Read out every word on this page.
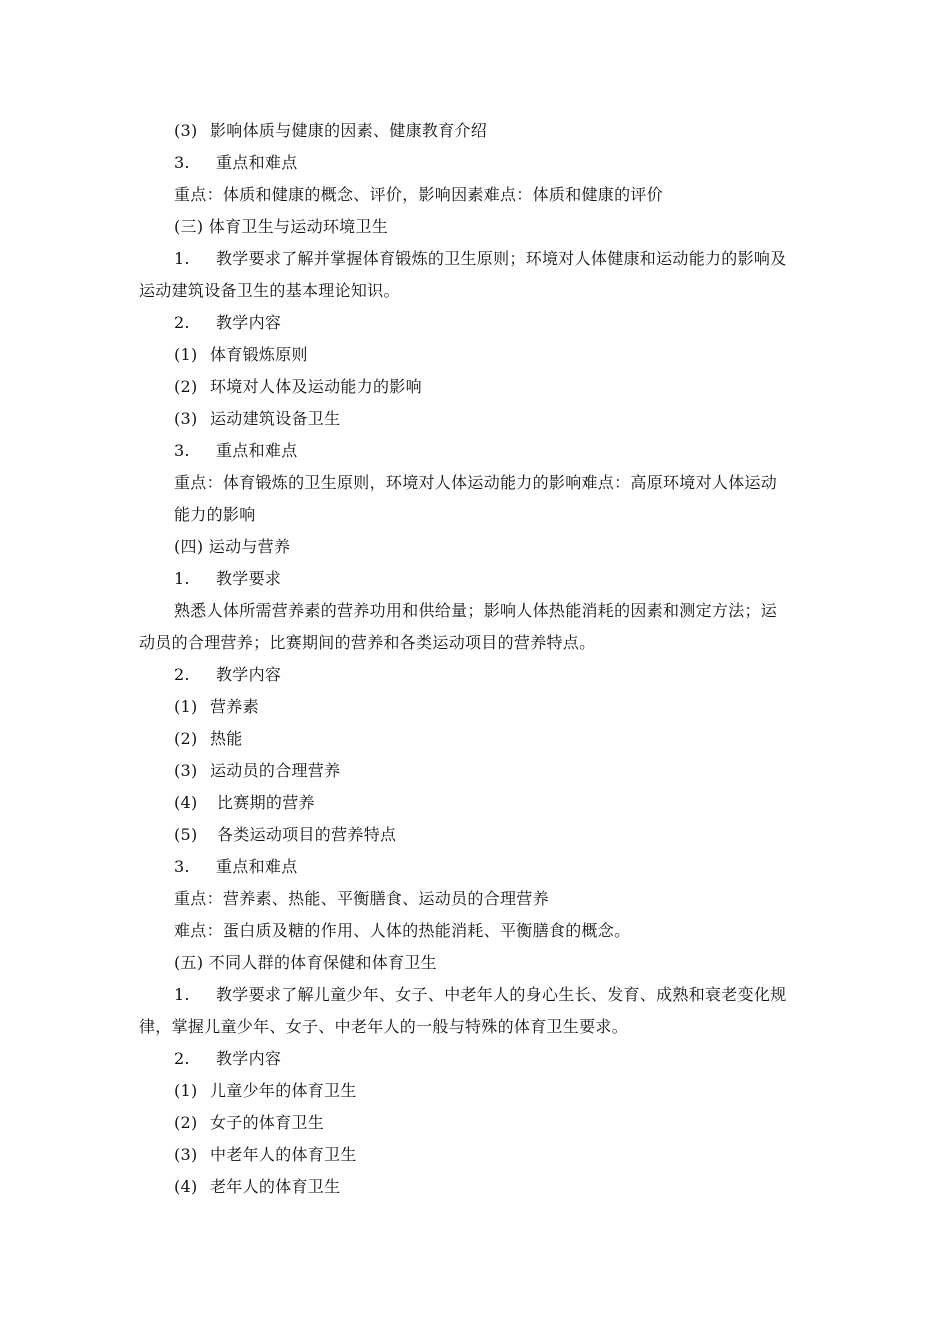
(3) 影响体质与健康的因素、健康教育介绍
3. 重点和难点
重点：体质和健康的概念、评价，影响因素难点：体质和健康的评价
(三) 体育卫生与运动环境卫生
1. 教学要求了解并掌握体育锻炼的卫生原则；环境对人体健康和运动能力的影响及
运动建筑设备卫生的基本理论知识。
2. 教学内容
(1) 体育锻炼原则
(2) 环境对人体及运动能力的影响
(3) 运动建筑设备卫生
3. 重点和难点
重点：体育锻炼的卫生原则，环境对人体运动能力的影响难点：高原环境对人体运动
能力的影响
(四) 运动与营养
1. 教学要求
熟悉人体所需营养素的营养功用和供给量；影响人体热能消耗的因素和测定方法；运
动员的合理营养；比赛期间的营养和各类运动项目的营养特点。
2. 教学内容
(1) 营养素
(2) 热能
(3) 运动员的合理营养
(4) 比赛期的营养
(5) 各类运动项目的营养特点
3. 重点和难点
重点：营养素、热能、平衡膳食、运动员的合理营养
难点：蛋白质及糖的作用、人体的热能消耗、平衡膳食的概念。
(五) 不同人群的体育保健和体育卫生
1. 教学要求了解儿童少年、女子、中老年人的身心生长、发育、成熟和衰老变化规
律，掌握儿童少年、女子、中老年人的一般与特殊的体育卫生要求。
2. 教学内容
(1) 儿童少年的体育卫生
(2) 女子的体育卫生
(3) 中老年人的体育卫生
(4) 老年人的体育卫生
